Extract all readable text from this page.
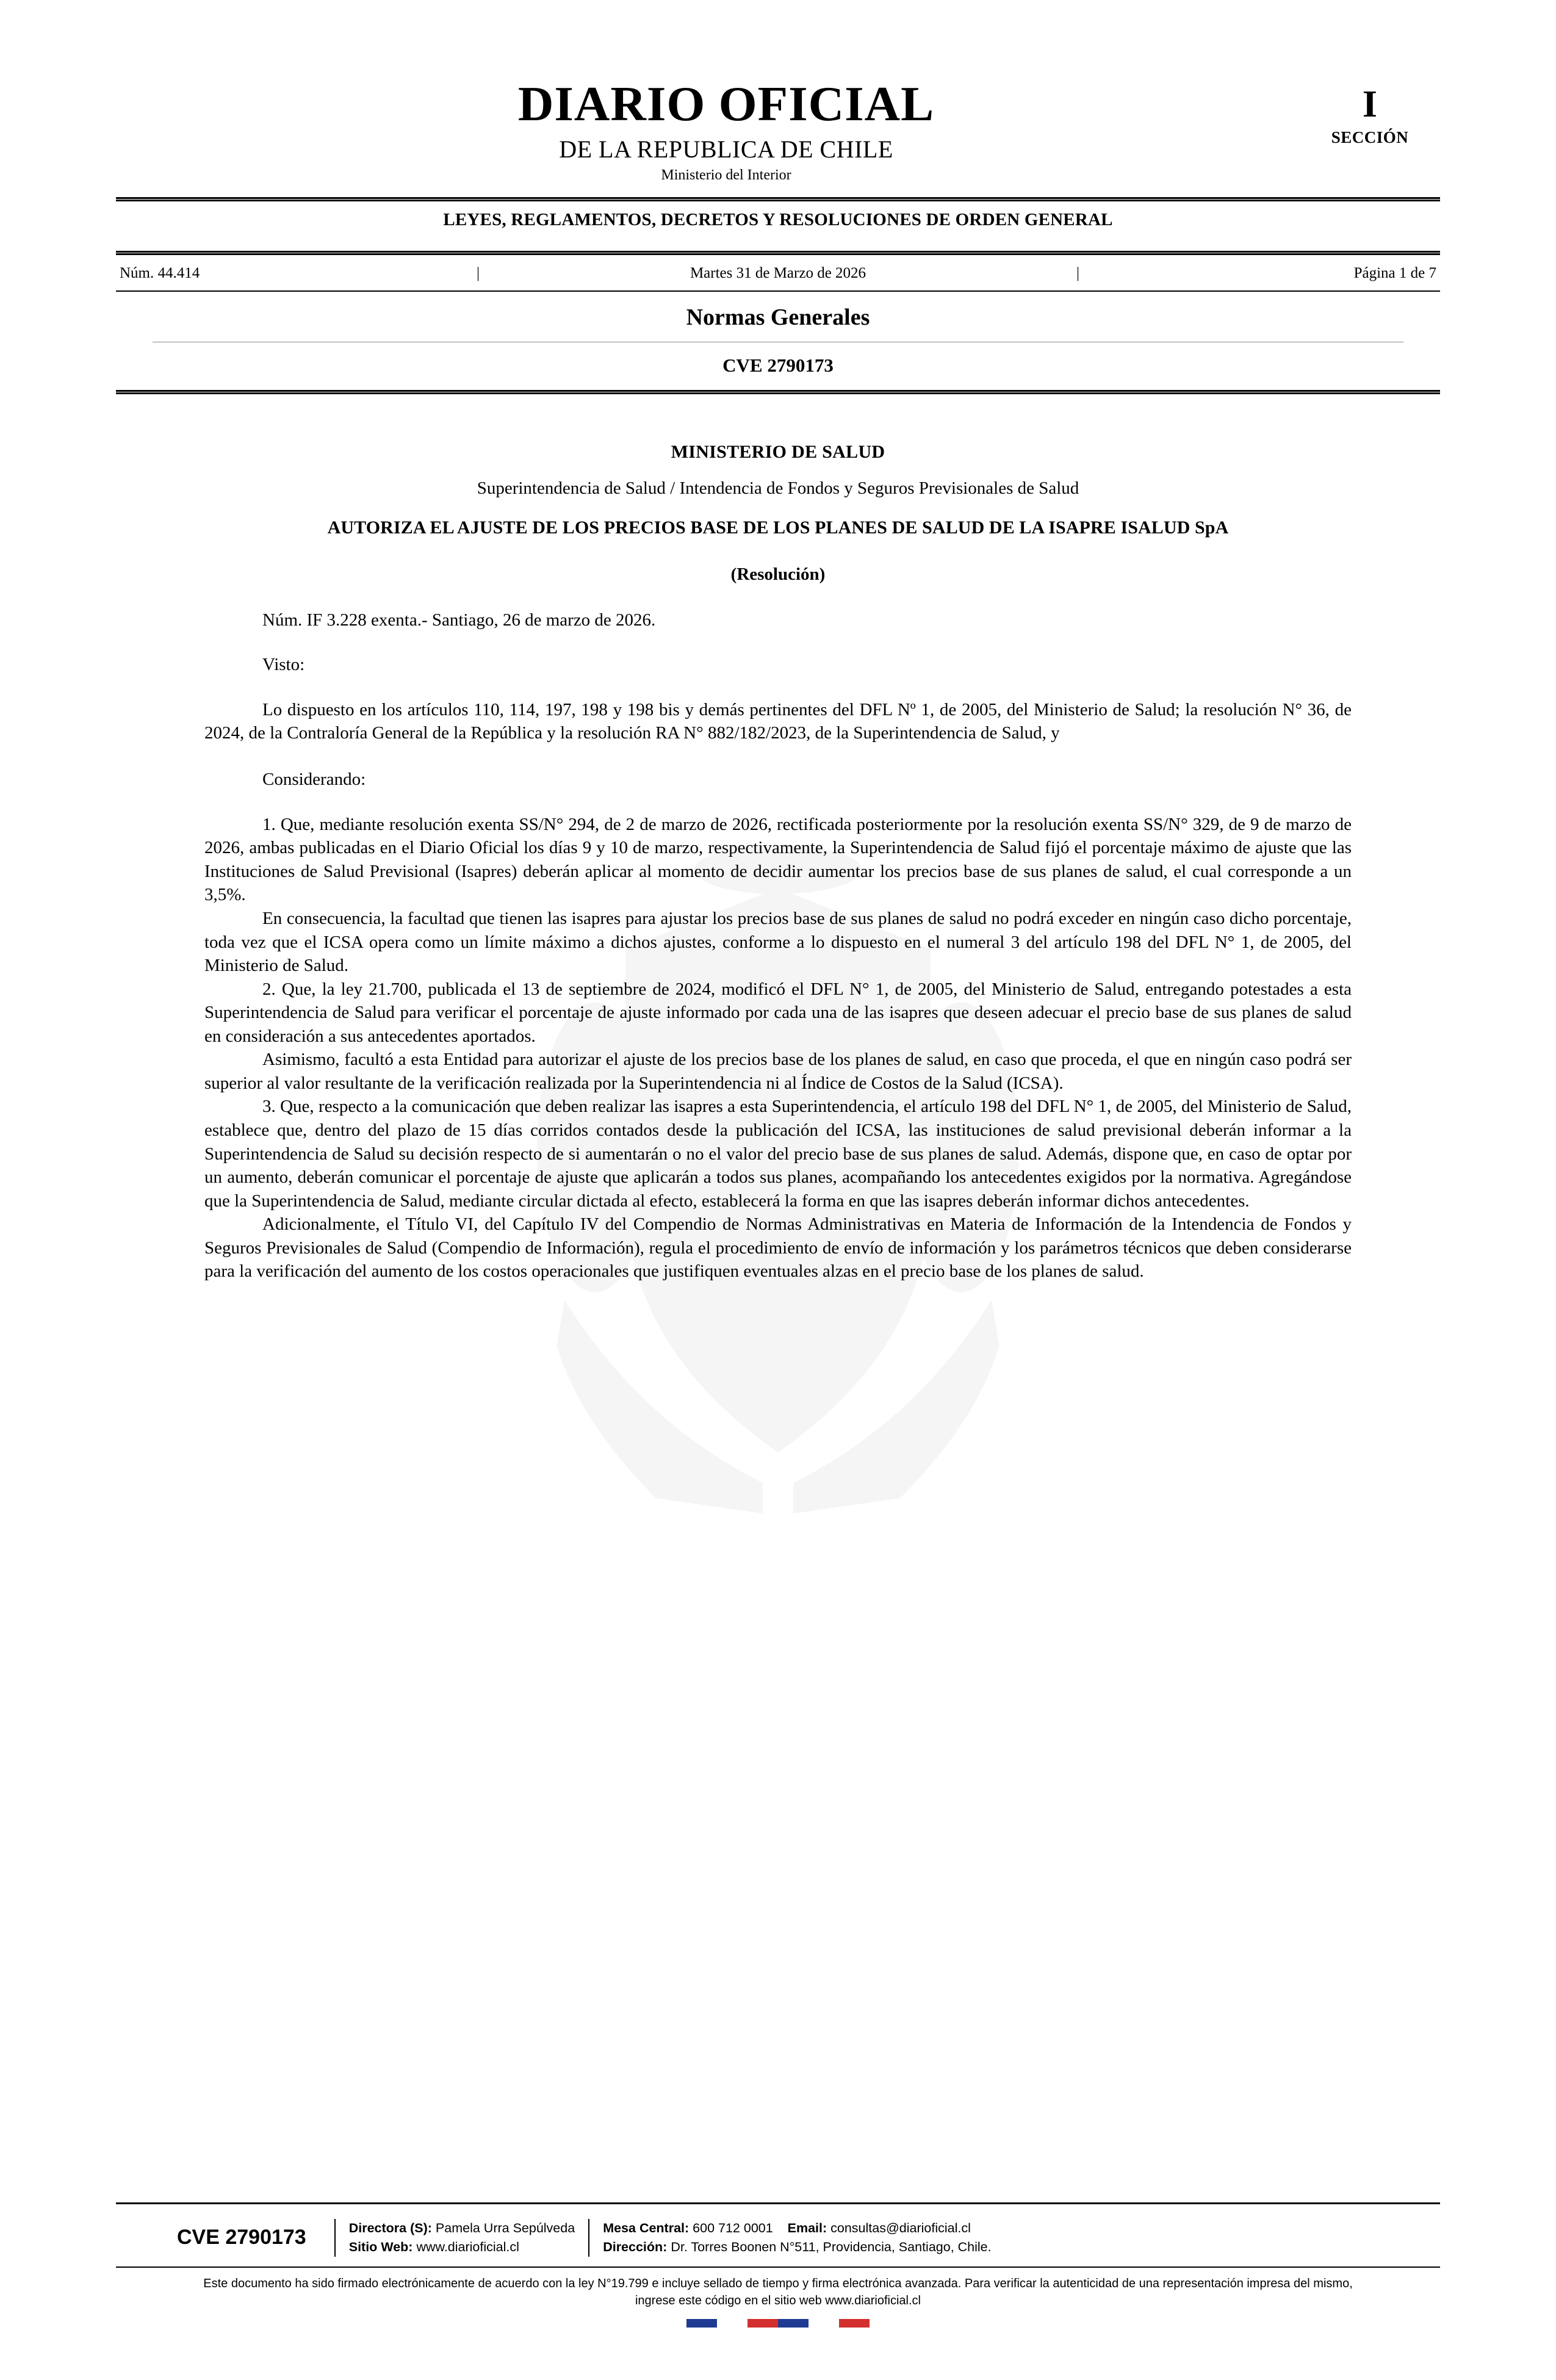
DIARIO OFICIAL
DE LA REPUBLICA DE CHILE
Ministerio del Interior
I
SECCIÓN
LEYES, REGLAMENTOS, DECRETOS Y RESOLUCIONES DE ORDEN GENERAL
Núm. 44.414	| Martes 31 de Marzo de 2026 |	Página 1 de 7
Normas Generales
CVE 2790173
MINISTERIO DE SALUD
Superintendencia de Salud / Intendencia de Fondos y Seguros Previsionales de Salud
AUTORIZA EL AJUSTE DE LOS PRECIOS BASE DE LOS PLANES DE SALUD DE LA ISAPRE ISALUD SpA
(Resolución)
Núm. IF 3.228 exenta.- Santiago, 26 de marzo de 2026.
Visto:

Lo dispuesto en los artículos 110, 114, 197, 198 y 198 bis y demás pertinentes del DFL Nº 1, de 2005, del Ministerio de Salud; la resolución N° 36, de 2024, de la Contraloría General de la República y la resolución RA N° 882/182/2023, de la Superintendencia de Salud, y

Considerando:

1. Que, mediante resolución exenta SS/N° 294, de 2 de marzo de 2026, rectificada posteriormente por la resolución exenta SS/N° 329, de 9 de marzo de 2026, ambas publicadas en el Diario Oficial los días 9 y 10 de marzo, respectivamente, la Superintendencia de Salud fijó el porcentaje máximo de ajuste que las Instituciones de Salud Previsional (Isapres) deberán aplicar al momento de decidir aumentar los precios base de sus planes de salud, el cual corresponde a un 3,5%.

En consecuencia, la facultad que tienen las isapres para ajustar los precios base de sus planes de salud no podrá exceder en ningún caso dicho porcentaje, toda vez que el ICSA opera como un límite máximo a dichos ajustes, conforme a lo dispuesto en el numeral 3 del artículo 198 del DFL N° 1, de 2005, del Ministerio de Salud.

2. Que, la ley 21.700, publicada el 13 de septiembre de 2024, modificó el DFL N° 1, de 2005, del Ministerio de Salud, entregando potestades a esta Superintendencia de Salud para verificar el porcentaje de ajuste informado por cada una de las isapres que deseen adecuar el precio base de sus planes de salud en consideración a sus antecedentes aportados.

Asimismo, facultó a esta Entidad para autorizar el ajuste de los precios base de los planes de salud, en caso que proceda, el que en ningún caso podrá ser superior al valor resultante de la verificación realizada por la Superintendencia ni al Índice de Costos de la Salud (ICSA).

3. Que, respecto a la comunicación que deben realizar las isapres a esta Superintendencia, el artículo 198 del DFL N° 1, de 2005, del Ministerio de Salud, establece que, dentro del plazo de 15 días corridos contados desde la publicación del ICSA, las instituciones de salud previsional deberán informar a la Superintendencia de Salud su decisión respecto de si aumentarán o no el valor del precio base de sus planes de salud. Además, dispone que, en caso de optar por un aumento, deberán comunicar el porcentaje de ajuste que aplicarán a todos sus planes, acompañando los antecedentes exigidos por la normativa. Agregándose que la Superintendencia de Salud, mediante circular dictada al efecto, establecerá la forma en que las isapres deberán informar dichos antecedentes.

Adicionalmente, el Título VI, del Capítulo IV del Compendio de Normas Administrativas en Materia de Información de la Intendencia de Fondos y Seguros Previsionales de Salud (Compendio de Información), regula el procedimiento de envío de información y los parámetros técnicos que deben considerarse para la verificación del aumento de los costos operacionales que justifiquen eventuales alzas en el precio base de los planes de salud.

CVE 2790173	Directora (S): Pamela Urra Sepúlveda
Sitio Web: www.diarioficial.cl
Mesa Central: 600 712 0001 Email: consultas@diarioficial.cl
Dirección: Dr. Torres Boonen N°511, Providencia, Santiago, Chile.
Este documento ha sido firmado electrónicamente de acuerdo con la ley N°19.799 e incluye sellado de tiempo y firma electrónica avanzada. Para verificar la autenticidad de una representación impresa del mismo, ingrese este código en el sitio web www.diarioficial.cl
